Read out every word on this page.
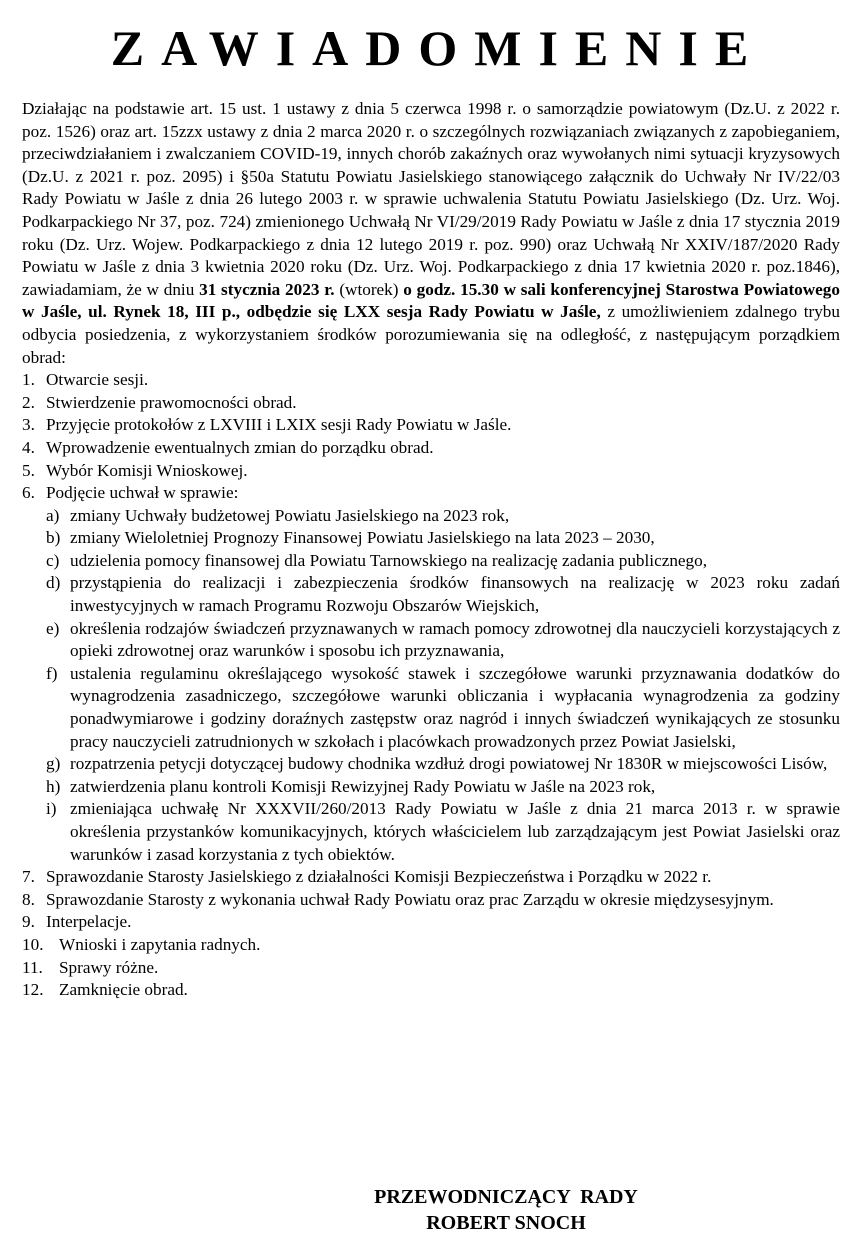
ZAWIADOMIENIE

Działając na podstawie art. 15 ust. 1 ustawy z dnia 5 czerwca 1998 r. o samorządzie powiatowym (Dz.U. z 2022 r. poz. 1526) oraz art. 15zzx ustawy z dnia 2 marca 2020 r. o szczególnych rozwiązaniach związanych z zapobieganiem, przeciwdziałaniem i zwalczaniem COVID-19, innych chorób zakaźnych oraz wywołanych nimi sytuacji kryzysowych (Dz.U. z 2021 r. poz. 2095) i §50a Statutu Powiatu Jasielskiego stanowiącego załącznik do Uchwały Nr IV/22/03 Rady Powiatu w Jaśle z dnia 26 lutego 2003 r. w sprawie uchwalenia Statutu Powiatu Jasielskiego (Dz. Urz. Woj. Podkarpackiego Nr 37, poz. 724) zmienionego Uchwałą Nr VI/29/2019 Rady Powiatu w Jaśle z dnia 17 stycznia 2019 roku (Dz. Urz. Wojew. Podkarpackiego z dnia 12 lutego 2019 r. poz. 990) oraz Uchwałą Nr XXIV/187/2020 Rady Powiatu w Jaśle z dnia 3 kwietnia 2020 roku (Dz. Urz. Woj. Podkarpackiego z dnia 17 kwietnia 2020 r. poz.1846), zawiadamiam, że w dniu 31 stycznia 2023 r. (wtorek) o godz. 15.30 w sali konferencyjnej Starostwa Powiatowego w Jaśle, ul. Rynek 18, III p., odbędzie się LXX sesja Rady Powiatu w Jaśle, z umożliwieniem zdalnego trybu odbycia posiedzenia, z wykorzystaniem środków porozumiewania się na odległość, z następującym porządkiem obrad:

1. Otwarcie sesji.
2. Stwierdzenie prawomocności obrad.
3. Przyjęcie protokołów z LXVIII i LXIX sesji Rady Powiatu w Jaśle.
4. Wprowadzenie ewentualnych zmian do porządku obrad.
5. Wybór Komisji Wnioskowej.
6. Podjęcie uchwał w sprawie:
a) zmiany Uchwały budżetowej Powiatu Jasielskiego na 2023 rok,
b) zmiany Wieloletniej Prognozy Finansowej Powiatu Jasielskiego na lata 2023 – 2030,
c) udzielenia pomocy finansowej dla Powiatu Tarnowskiego na realizację zadania publicznego,
d) przystąpienia do realizacji i zabezpieczenia środków finansowych na realizację w 2023 roku zadań inwestycyjnych w ramach Programu Rozwoju Obszarów Wiejskich,
e) określenia rodzajów świadczeń przyznawanych w ramach pomocy zdrowotnej dla nauczycieli korzystających z opieki zdrowotnej oraz warunków i sposobu ich przyznawania,
f) ustalenia regulaminu określającego wysokość stawek i szczegółowe warunki przyznawania dodatków do wynagrodzenia zasadniczego, szczegółowe warunki obliczania i wypłacania wynagrodzenia za godziny ponadwymiarowe i godziny doraźnych zastępstw oraz nagród i innych świadczeń wynikających ze stosunku pracy nauczycieli zatrudnionych w szkołach i placówkach prowadzonych przez Powiat Jasielski,
g) rozpatrzenia petycji dotyczącej budowy chodnika wzdłuż drogi powiatowej Nr 1830R w miejscowości Lisów,
h) zatwierdzenia planu kontroli Komisji Rewizyjnej Rady Powiatu w Jaśle na 2023 rok,
i) zmieniająca uchwałę Nr XXXVII/260/2013 Rady Powiatu w Jaśle z dnia 21 marca 2013 r. w sprawie określenia przystanków komunikacyjnych, których właścicielem lub zarządzającym jest Powiat Jasielski oraz warunków i zasad korzystania z tych obiektów.
7. Sprawozdanie Starosty Jasielskiego z działalności Komisji Bezpieczeństwa i Porządku w 2022 r.
8. Sprawozdanie Starosty z wykonania uchwał Rady Powiatu oraz prac Zarządu w okresie międzysesyjnym.
9. Interpelacje.
10. Wnioski i zapytania radnych.
11. Sprawy różne.
12. Zamknięcie obrad.
PRZEWODNICZĄCY  RADY
ROBERT SNOCH
